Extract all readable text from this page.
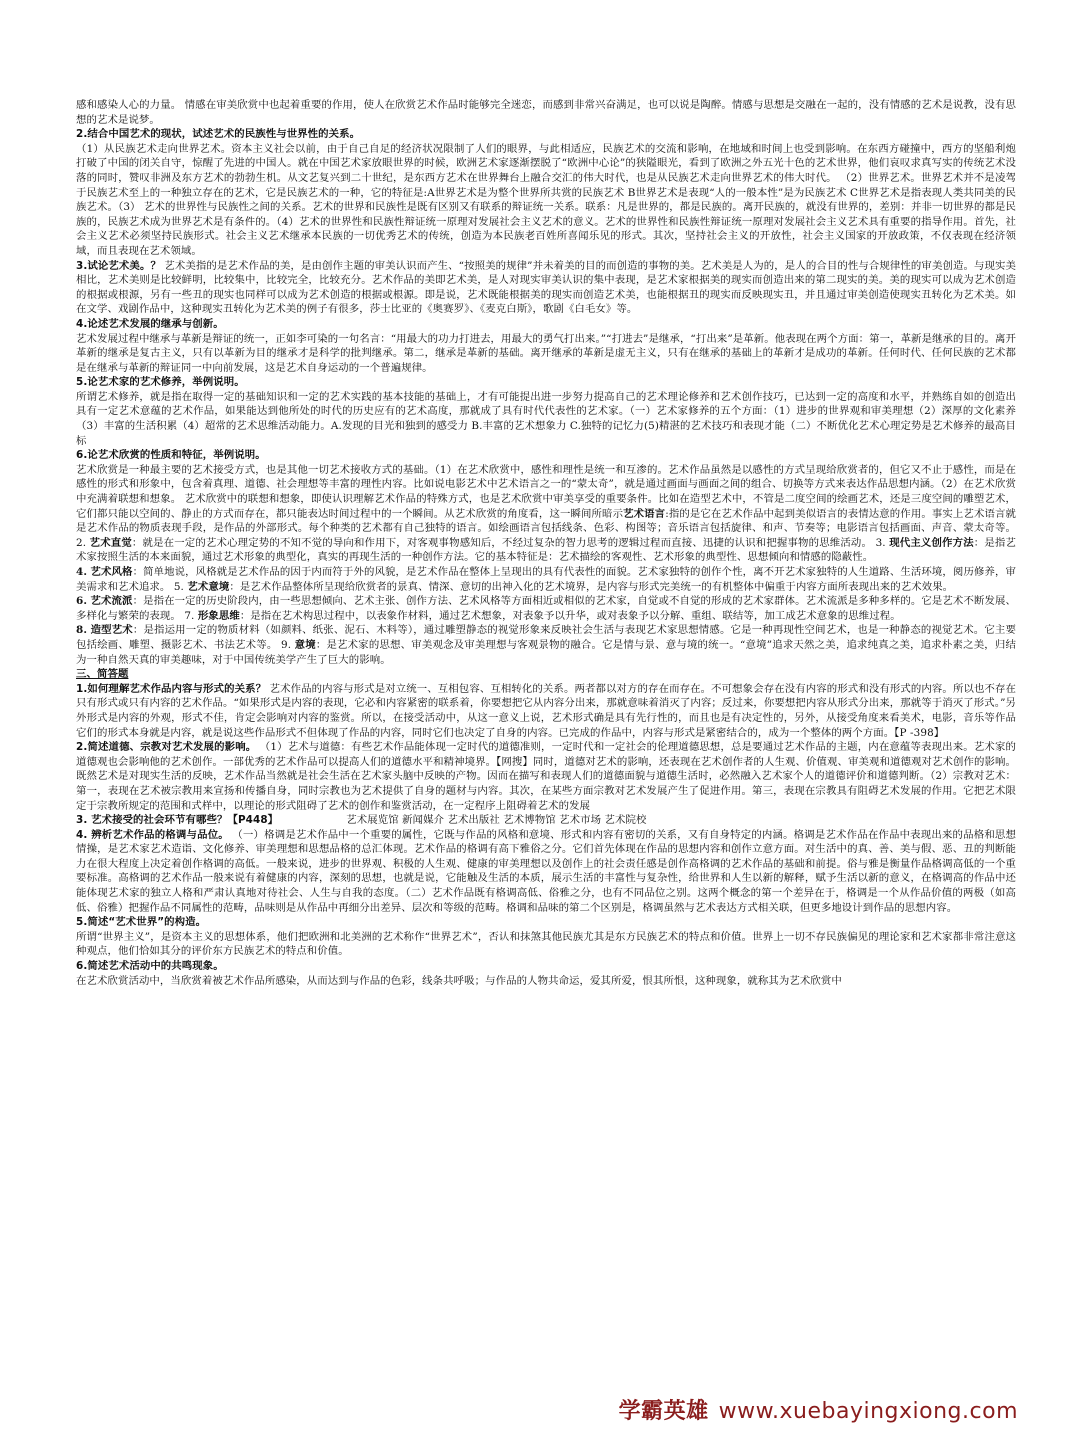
感和感染人心的力量。 情感在审美欣赏中也起着重要的作用，使人在欣赏艺术作品时能够完全迷恋，而感到非常兴奋满足，也可以说是陶醉。情感与思想是交融在一起的，没有情感的艺术是说教，没有思想的艺术是说梦。

2.结合中国艺术的现状，试述艺术的民族性与世界性的关系。

（1）从民族艺术走向世界艺术。资本主义社会以前，由于自己自足的经济状况限制了人们的眼界，与此相适应，民族艺术的交流和影响，在地域和时间上也受到影响。在东西方碰撞中，西方的坚船利炮打破了中国的闭关自守，惊醒了先进的中国人。就在中国艺术家放眼世界的时候，欧洲艺术家逐渐摆脱了“欧洲中心论”的狭隘眼光，看到了欧洲之外五光十色的艺术世界，他们哀叹求真写实的传统艺术没落的同时，赞叹非洲及东方艺术的勃勃生机。从文艺复兴到二十世纪，是东西方艺术在世界舞台上融合交汇的伟大时代，也是从民族艺术走向世界艺术的伟大时代。 （2）世界艺术。世界艺术并不是凌驾于民族艺术至上的一种独立存在的艺术，它是民族艺术的一种，它的特征是:A世界艺术是为整个世界所共赏的民族艺术 B世界艺术是表现“人的一般本性”是为民族艺术 C世界艺术是指表现人类共同美的民族艺术。（3） 艺术的世界性与民族性之间的关系。艺术的世界和民族性是既有区别又有联系的辩证统一关系。联系：凡是世界的，都是民族的。离开民族的，就没有世界的，差别：并非一切世界的都是民族的，民族艺术成为世界艺术是有条件的。（4）艺术的世界性和民族性辩证统一原理对发展社会主义艺术的意义。艺术的世界性和民族性辩证统一原理对发展社会主义艺术具有重要的指导作用。首先，社会主义艺术必须坚持民族形式。社会主义艺术继承本民族的一切优秀艺术的传统，创造为本民族老百姓所喜闻乐见的形式。其次，坚持社会主义的开放性，社会主义国家的开放政策，不仅表现在经济领域，而且表现在艺术领域。

3.试论艺术美。？ 艺术美指的是艺术作品的美，是由创作主题的审美认识而产生、“按照美的规律”并未着美的目的而创造的事物的美。艺术美是人为的，是人的合目的性与合规律性的审美创造。与现实美相比，艺术美则是比较鲜明，比较集中，比较完全，比较充分。艺术作品的美即艺术美，是人对现实审美认识的集中表现，是艺术家根据美的现实而创造出来的第二现实的美。美的现实可以成为艺术创造的根据或根源，另有一些丑的现实也同样可以成为艺术创造的根据或根源。即是说，艺术既能根据美的现实而创造艺术美，也能根据丑的现实而反映现实丑，并且通过审美创造使现实丑转化为艺术美。如在文学、戏剧作品中，这种现实丑转化为艺术美的例子有很多，莎士比亚的《奥赛罗》、《麦克白斯》，歌剧《白毛女》等。

4.论述艺术发展的继承与创新。

艺术发展过程中继承与革新是辩证的统一，正如李可染的一句名言：“用最大的功力打进去，用最大的勇气打出来。”“打进去”是继承，“打出来”是革新。他表现在两个方面：第一，革新是继承的目的。离开革新的继承是复古主义，只有以革新为目的继承才是科学的批判继承。第二，继承是革新的基础。离开继承的革新是虚无主义，只有在继承的基础上的革新才是成功的革新。任何时代、任何民族的艺术都是在继承与革新的辩证同一中向前发展，这是艺术自身运动的一个普遍规律。

5.论艺术家的艺术修养，举例说明。

所谓艺术修养，就是指在取得一定的基础知识和一定的艺术实践的基本技能的基础上，才有可能提出进一步努力提高自己的艺术理论修养和艺术创作技巧，已达到一定的高度和水平，并熟练自如的创造出具有一定艺术意蕴的艺术作品，如果能达到他所处的时代的历史应有的艺术高度，那就成了具有时代代表性的艺术家。（一）艺术家修养的五个方面：（1）进步的世界观和审美理想（2）深厚的文化素养（3）丰富的生活积累（4）超常的艺术思维活动能力。A.发现的目光和独到的感受力 B.丰富的艺术想象力 C.独特的记忆力(5)精湛的艺术技巧和表现才能（二）不断优化艺术心理定势是艺术修养的最高目标

6.论艺术欣赏的性质和特征，举例说明。

艺术欣赏是一种最主要的艺术接受方式，也是其他一切艺术接收方式的基础。（1）在艺术欣赏中，感性和理性是统一和互渗的。艺术作品虽然是以感性的方式呈现给欣赏者的，但它又不止于感性，而是在感性的形式和形象中，包含着真理、道德、社会理想等丰富的理性内容。比如说电影艺术中艺术语言之一的“蒙太奇”，就是通过画面与画面之间的组合、切换等方式来表达作品思想内涵。（2）在艺术欣赏中充满着联想和想象。 艺术欣赏中的联想和想象，即使认识理解艺术作品的特殊方式，也是艺术欣赏中审美享受的重要条件。比如在造型艺术中，不管是二度空间的绘画艺术，还是三度空间的雕塑艺术，它们都只能以空间的、静止的方式而存在，都只能表达时间过程中的一个瞬间。从艺术欣赏的角度看，这一瞬间所暗示艺术语言:指的是它在艺术作品中起到美似语言的表情达意的作用。事实上艺术语言就是艺术作品的物质表现手段，是作品的外部形式。每个种类的艺术都有自己独特的语言。如绘画语言包括线条、色彩、构图等；音乐语言包括旋律、和声、节奏等；电影语言包括画面、声音、蒙太奇等。 2. 艺术直觉：就是在一定的艺术心理定势的不知不觉的导向和作用下，对客观事物感知后，不经过复杂的智力思考的逻辑过程而直接、迅捷的认识和把握事物的思维活动。 3. 现代主义创作方法：是指艺术家按照生活的本来面貌，通过艺术形象的典型化，真实的再现生活的一种创作方法。它的基本特征是：艺术描绘的客观性、艺术形象的典型性、思想倾向和情感的隐蔽性。

4. 艺术风格：简单地说，风格就是艺术作品的因于内而符于外的风貌，是艺术作品在整体上呈现出的具有代表性的面貌。艺术家独特的创作个性，离不开艺术家独特的人生道路、生活环境，阅历修养，审美需求和艺术追求。 5. 艺术意境：是艺术作品整体所呈现给欣赏者的景真、情深、意切的出神入化的艺术境界，是内容与形式完美统一的有机整体中偏重于内容方面所表现出来的艺术效果。

6. 艺术流派：是指在一定的历史阶段内，由一些思想倾向、艺术主张、创作方法、艺术风格等方面相近或相似的艺术家，自觉或不自觉的形成的艺术家群体。艺术流派是多种多样的。它是艺术不断发展、多样化与繁荣的表现。 7. 形象思维：是指在艺术构思过程中，以表象作材料，通过艺术想象，对表象予以升华，或对表象予以分解、重组、联结等，加工成艺术意象的思维过程。

8. 造型艺术：是指运用一定的物质材料（如颜料、纸张、泥石、木料等），通过雕塑静态的视觉形象来反映社会生活与表现艺术家思想情感。它是一种再现性空间艺术，也是一种静态的视觉艺术。它主要包括绘画、雕塑、摄影艺术、书法艺术等。 9. 意境：是艺术家的思想、审美观念及审美理想与客观景物的融合。它是情与景、意与境的统一。“意境”追求天然之美，追求纯真之美，追求朴素之美，归结为一种自然天真的审美趣味，对于中国传统美学产生了巨大的影响。

三、简答题

1.如何理解艺术作品内容与形式的关系？ 艺术作品的内容与形式是对立统一、互相包容、互相转化的关系。两者都以对方的存在而存在。不可想象会存在没有内容的形式和没有形式的内容。所以也不存在只有形式或只有内容的艺术作品。“如果形式是内容的表现，它必和内容紧密的联系着，你要想把它从内容分出来，那就意味着消灭了内容；反过来，你要想把内容从形式分出来，那就等于消灭了形式。”另外形式是内容的外观，形式不佳，肯定会影响对内容的鉴赏。所以，在接受活动中，从这一意义上说，艺术形式确是具有先行性的，而且也是有决定性的，另外，从接受角度来看美术，电影，音乐等作品它们的形式本身就是内容，就是说这些作品形式不但体现了作品的内容，同时它们也决定了自身的内容。已完成的作品中，内容与形式是紧密结合的，成为一个整体的两个方面。【P -398】

2.简述道德、宗教对艺术发展的影响。 （1）艺术与道德：有些艺术作品能体现一定时代的道德准则，一定时代和一定社会的伦理道德思想，总是要通过艺术作品的主题，内在意蕴等表现出来。艺术家的道德观也会影响他的艺术创作。一部优秀的艺术作品可以提高人们的道德水平和精神境界。【网搜】同时，道德对艺术的影响，还表现在艺术创作者的人生观、价值观、审美观和道德观对艺术创作的影响。既然艺术是对现实生活的反映，艺术作品当然就是社会生活在艺术家头脑中反映的产物。因而在描写和表现人们的道德面貌与道德生活时，必然融入艺术家个人的道德评价和道德判断。（2）宗教对艺术：第一，表现在艺术被宗教用来宣扬和传播自身，同时宗教也为艺术提供了自身的题材与内容。其次，在某些方面宗教对艺术发展产生了促进作用。第三，表现在宗教具有阻碍艺术发展的作用。它把艺术限定于宗教所规定的范围和式样中，以理论的形式阻碍了艺术的创作和鉴赏活动，在一定程序上阻碍着艺术的发展

3. 艺术接受的社会环节有哪些？【P448】	艺术展览馆 新闻媒介 艺术出版社 艺术博物馆 艺术市场 艺术院校

4. 辨析艺术作品的格调与品位。 （一）格调是艺术作品中一个重要的属性，它既与作品的风格和意境、形式和内容有密切的关系，又有自身特定的内涵。格调是艺术作品在作品中表现出来的品格和思想情操，是艺术家艺术造诣、文化修养、审美理想和思想品格的总汇体现。艺术作品的格调有高下雅俗之分。它们首先体现在作品的思想内容和创作立意方面。对生活中的真、善、美与假、恶、丑的判断能力在很大程度上决定着创作格调的高低。一般来说，进步的世界观、积极的人生观、健康的审美理想以及创作上的社会责任感是创作高格调的艺术作品的基础和前提。俗与雅是衡量作品格调高低的一个重要标准。高格调的艺术作品一般来说有着健康的内容，深刻的思想，也就是说，它能触及生活的本质，展示生活的丰富性与复杂性，给世界和人生以新的解释，赋予生活以新的意义，在格调高的作品中还能体现艺术家的独立人格和严肃认真地对待社会、人生与自我的态度。（二）艺术作品既有格调高低、俗雅之分，也有不同品位之别。这两个概念的第一个差异在于，格调是一个从作品价值的两极（如高低、俗雅）把握作品不同属性的范畴，品味则是从作品中再细分出差异、层次和等级的范畴。格调和品味的第二个区别是，格调虽然与艺术表达方式相关联，但更多地设计到作品的思想内容。

5.简述“艺术世界”的构造。

所谓“世界主义”，是资本主义的思想体系，他们把欧洲和北美洲的艺术称作“世界艺术”，否认和抹煞其他民族尤其是东方民族艺术的特点和价值。世界上一切不存民族偏见的理论家和艺术家都非常注意这种观点，他们恰如其分的评价东方民族艺术的特点和价值。

6.简述艺术活动中的共鸣现象。

在艺术欣赏活动中，当欣赏着被艺术作品所感染，从而达到与作品的色彩，线条共呼吸；与作品的人物共命运，爱其所爱，恨其所恨，这种现象，就称其为艺术欣赏中

学霸英雄 www.xuebayingxiong.com
